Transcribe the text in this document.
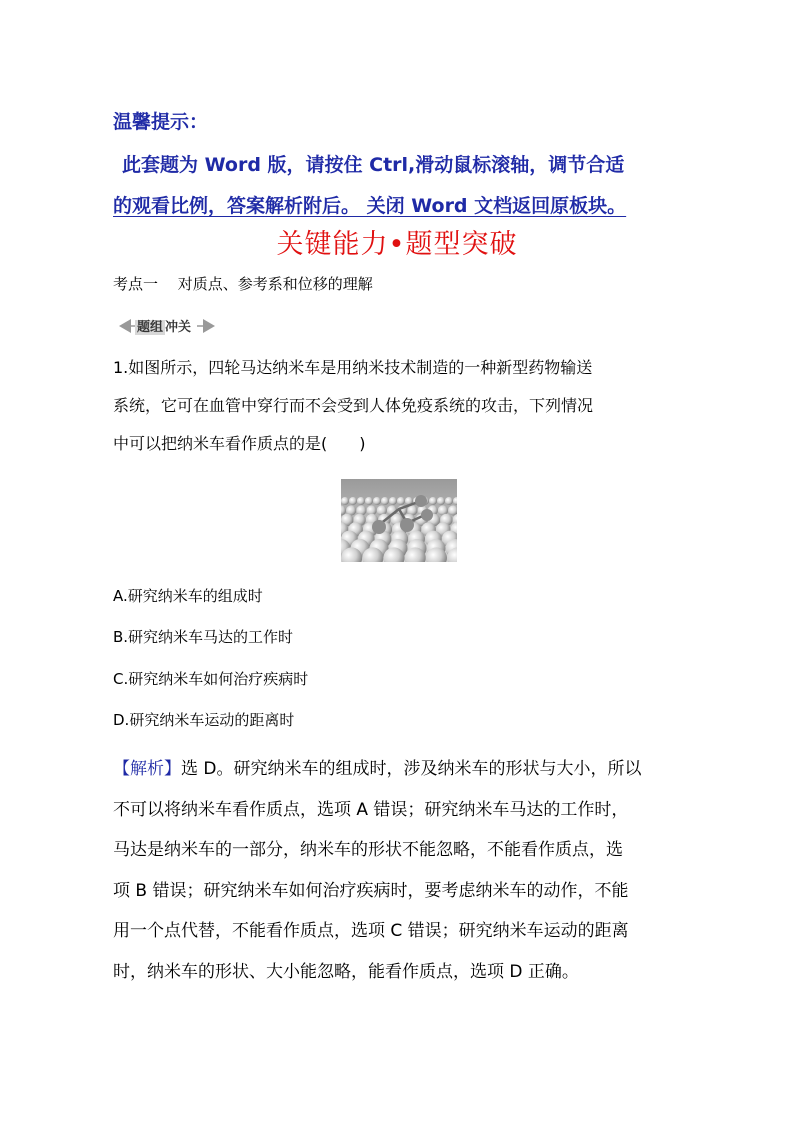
温馨提示：
此套题为 Word 版，请按住 Ctrl,滑动鼠标滚轴，调节合适
的观看比例，答案解析附后。 关闭 Word 文档返回原板块。
关键能力•题型突破
考点一　 对质点、参考系和位移的理解
题组 冲关
1.如图所示，四轮马达纳米车是用纳米技术制造的一种新型药物输送
系统，它可在血管中穿行而不会受到人体免疫系统的攻击，下列情况
中可以把纳米车看作质点的是(　　)
A.研究纳米车的组成时
B.研究纳米车马达的工作时
C.研究纳米车如何治疗疾病时
D.研究纳米车运动的距离时
【解析】选 D。研究纳米车的组成时，涉及纳米车的形状与大小，所以
不可以将纳米车看作质点，选项 A 错误；研究纳米车马达的工作时，
马达是纳米车的一部分，纳米车的形状不能忽略，不能看作质点，选
项 B 错误；研究纳米车如何治疗疾病时，要考虑纳米车的动作，不能
用一个点代替，不能看作质点，选项 C 错误；研究纳米车运动的距离
时，纳米车的形状、大小能忽略，能看作质点，选项 D 正确。
